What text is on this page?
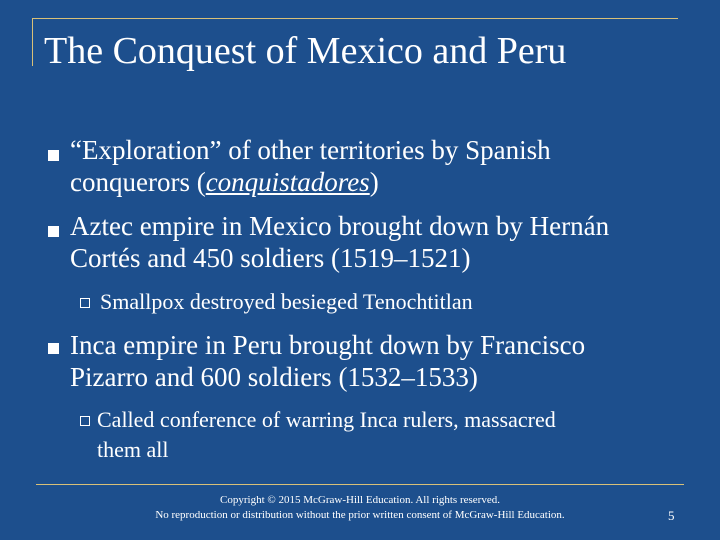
The Conquest of Mexico and Peru
“Exploration” of other territories by Spanish
conquerors (conquistadores)
Aztec empire in Mexico brought down by Hernán
Cortés and 450 soldiers (1519–1521)
Smallpox destroyed besieged Tenochtitlan
Inca empire in Peru brought down by Francisco
Pizarro and 600 soldiers (1532–1533)
Called conference of warring Inca rulers, massacred
them all
Copyright © 2015 McGraw-Hill Education. All rights reserved.
No reproduction or distribution without the prior written consent of McGraw-Hill Education.	5
